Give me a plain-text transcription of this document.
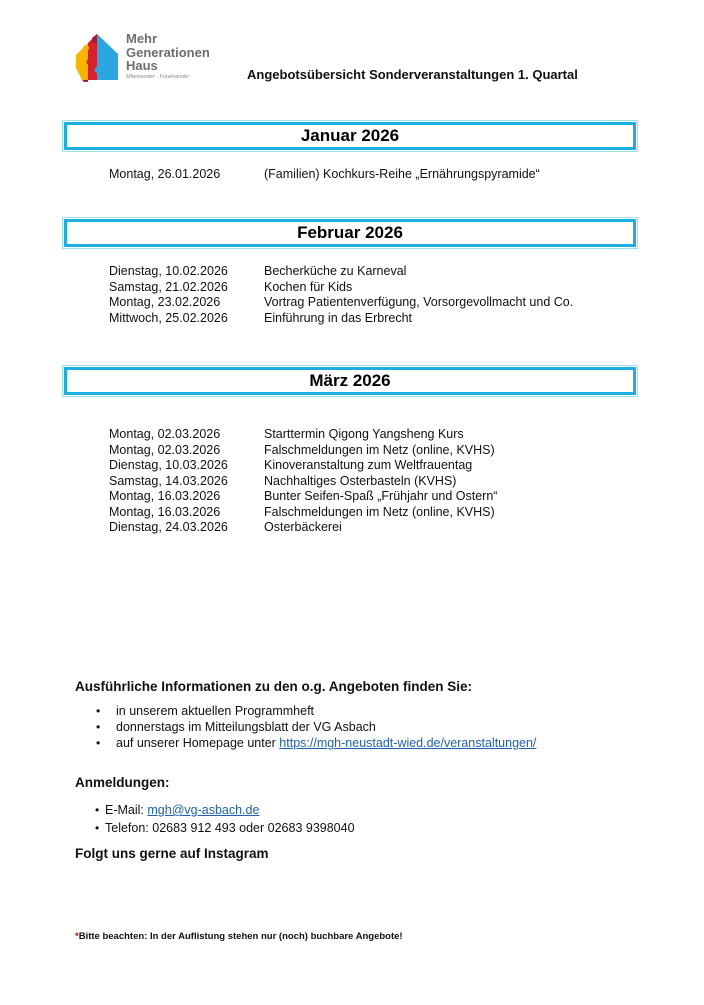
Mehr
Generationen
Haus
Miteinander - Füreinander	Angebotsübersicht Sonderveranstaltungen 1. Quartal
Januar 2026
Montag, 26.01.2026	(Familien) Kochkurs-Reihe „Ernährungspyramide“
Februar 2026
Dienstag, 10.02.2026	Becherküche zu Karneval
Samstag, 21.02.2026	Kochen für Kids
Montag, 23.02.2026	Vortrag Patientenverfügung, Vorsorgevollmacht und Co.
Mittwoch, 25.02.2026	Einführung in das Erbrecht
März 2026
Montag, 02.03.2026	Starttermin Qigong Yangsheng Kurs
Montag, 02.03.2026	Falschmeldungen im Netz (online, KVHS)
Dienstag, 10.03.2026	Kinoveranstaltung zum Weltfrauentag
Samstag, 14.03.2026	Nachhaltiges Osterbasteln (KVHS)
Montag, 16.03.2026	Bunter Seifen-Spaß „Frühjahr und Ostern“
Montag, 16.03.2026	Falschmeldungen im Netz (online, KVHS)
Dienstag, 24.03.2026	Osterbäckerei
Ausführliche Informationen zu den o.g. Angeboten finden Sie:
• in unserem aktuellen Programmheft
• donnerstags im Mitteilungsblatt der VG Asbach
• auf unserer Homepage unter https://mgh-neustadt-wied.de/veranstaltungen/
Anmeldungen:
• E-Mail: mgh@vg-asbach.de
• Telefon: 02683 912 493 oder 02683 9398040
Folgt uns gerne auf Instagram
*Bitte beachten: In der Auflistung stehen nur (noch) buchbare Angebote!
